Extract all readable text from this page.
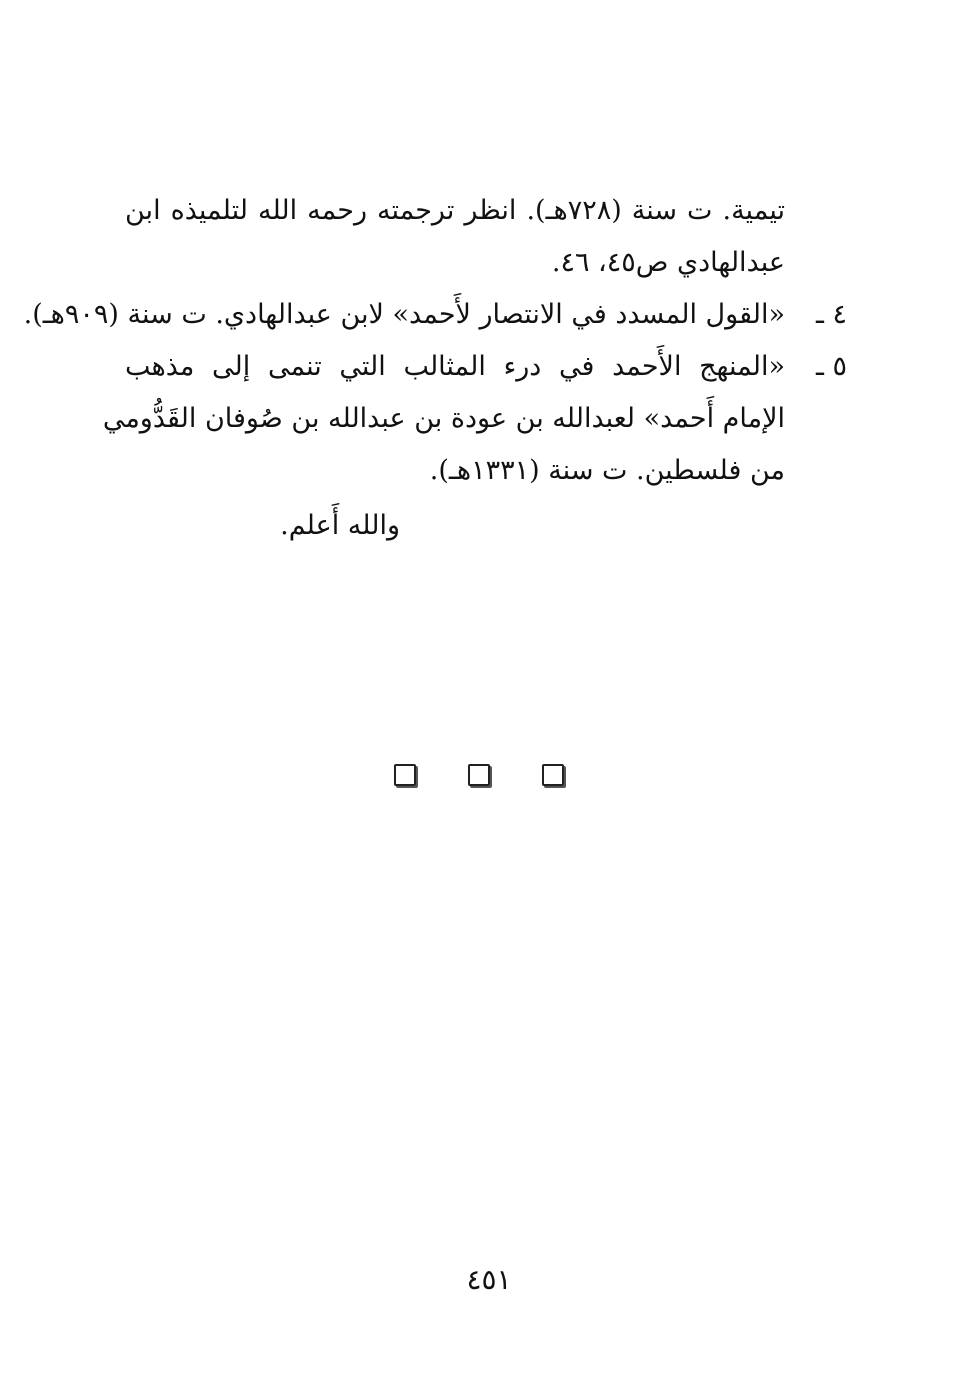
تيمية. ت سنة (٧٢٨هـ). انظر ترجمته رحمه الله لتلميذه ابن
عبدالهادي ص٤٥، ٤٦.
٤ ـ
«القول المسدد في الانتصار لأَحمد» لابن عبدالهادي. ت سنة (٩٠٩هـ).
٥ ـ
«المنهج الأَحمد في درء المثالب التي تنمى إلى مذهب
الإمام أَحمد» لعبدالله بن عودة بن عبدالله بن صُوفان القَدُّومي
من فلسطين. ت سنة (١٣٣١هـ).
والله أَعلم.
٤٥١
